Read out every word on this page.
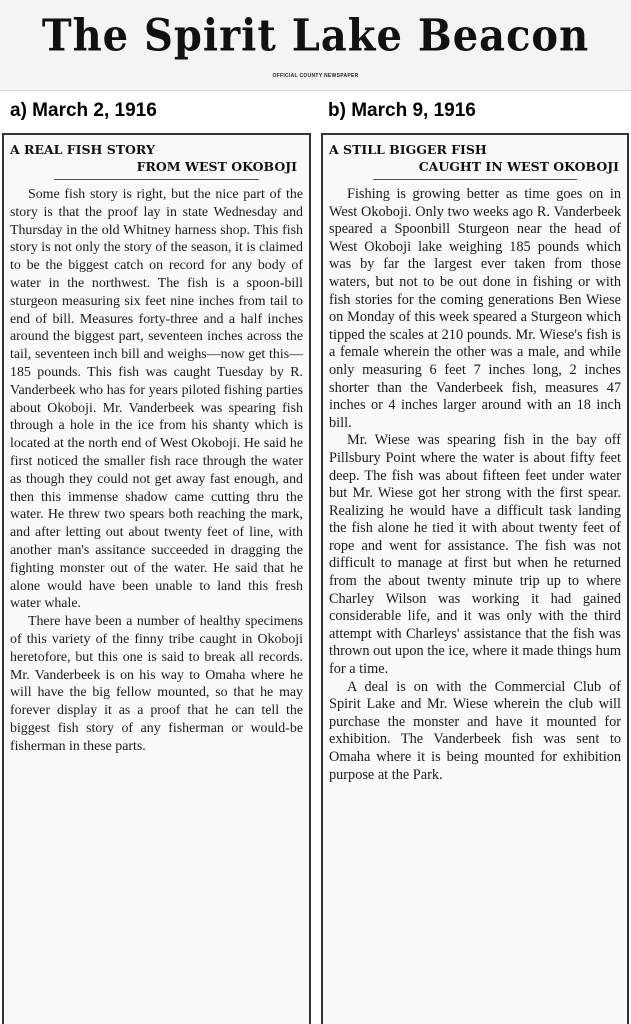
The Spirit Lake Beacon
OFFICIAL COUNTY NEWSPAPER
a) March 2, 1916	b) March 9, 1916
A REAL FISH STORY
FROM WEST OKOBOJI

Some fish story is right, but the nice part of the story is that the proof lay in state Wednesday and Thursday in the old Whitney harness shop. This fish story is not only the story of the season, it is claimed to be the biggest catch on record for any body of water in the northwest. The fish is a spoon-bill sturgeon measuring six feet nine inches from tail to end of bill. Measures forty-three and a half inches around the biggest part, seventeen inches across the tail, seventeen inch bill and weighs—now get this—185 pounds. This fish was caught Tuesday by R. Vanderbeek who has for years piloted fishing parties about Okoboji. Mr. Vanderbeek was spearing fish through a hole in the ice from his shanty which is located at the north end of West Okoboji. He said he first noticed the smaller fish race through the water as though they could not get away fast enough, and then this immense shadow came cutting thru the water. He threw two spears both reaching the mark, and after letting out about twenty feet of line, with another man's assitance succeeded in dragging the fighting monster out of the water. He said that he alone would have been unable to land this fresh water whale.

There have been a number of healthy specimens of this variety of the finny tribe caught in Okoboji heretofore, but this one is said to break all records. Mr. Vanderbeek is on his way to Omaha where he will have the big fellow mounted, so that he may forever display it as a proof that he can tell the biggest fish story of any fisherman or would-be fisherman in these parts.

A STILL BIGGER FISH
CAUGHT IN WEST OKOBOJI

Fishing is growing better as time goes on in West Okoboji. Only two weeks ago R. Vanderbeek speared a Spoonbill Sturgeon near the head of West Okoboji lake weighing 185 pounds which was by far the largest ever taken from those waters, but not to be out done in fishing or with fish stories for the coming generations Ben Wiese on Monday of this week speared a Sturgeon which tipped the scales at 210 pounds. Mr. Wiese's fish is a female wherein the other was a male, and while only measuring 6 feet 7 inches long, 2 inches shorter than the Vanderbeek fish, measures 47 inches or 4 inches larger around with an 18 inch bill.

Mr. Wiese was spearing fish in the bay off Pillsbury Point where the water is about fifty feet deep. The fish was about fifteen feet under water but Mr. Wiese got her strong with the first spear. Realizing he would have a difficult task landing the fish alone he tied it with about twenty feet of rope and went for assistance. The fish was not difficult to manage at first but when he returned from the about twenty minute trip up to where Charley Wilson was working it had gained considerable life, and it was only with the third attempt with Charleys' assistance that the fish was thrown out upon the ice, where it made things hum for a time.

A deal is on with the Commercial Club of Spirit Lake and Mr. Wiese wherein the club will purchase the monster and have it mounted for exhibition. The Vanderbeek fish was sent to Omaha where it is being mounted for exhibition purpose at the Park.
